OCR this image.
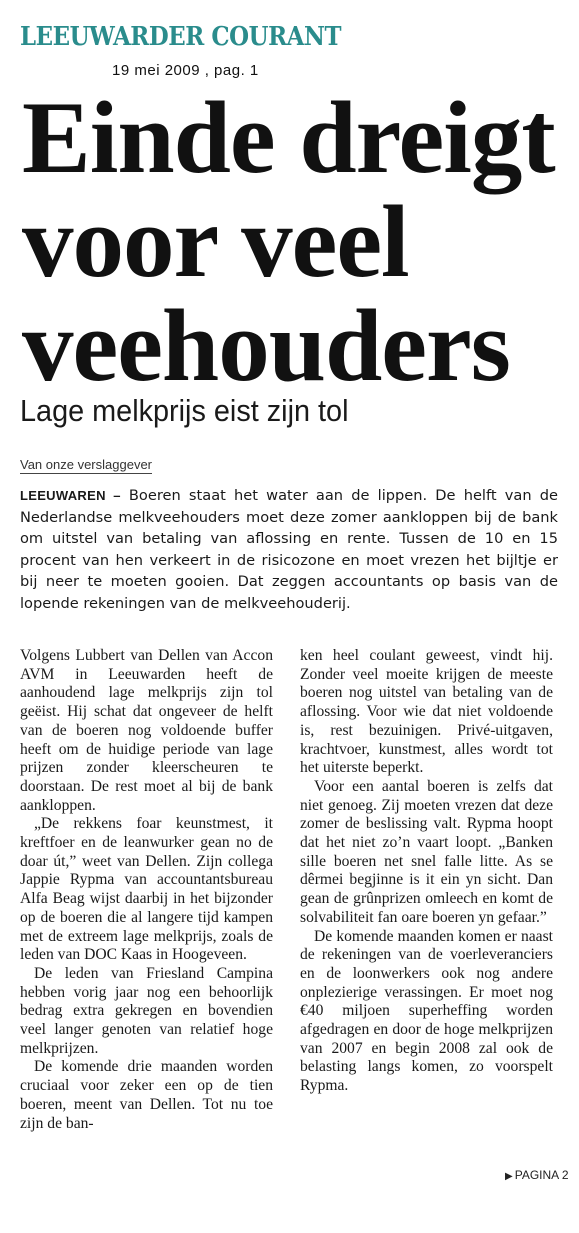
LEEUWARDER COURANT
19 mei 2009 , pag. 1
Einde dreigt
voor veel
veehouders
Lage melkprijs eist zijn tol
Van onze verslaggever

LEEUWAREN – Boeren staat het water aan de lippen. De helft van de Nederlandse melkveehouders moet deze zomer aankloppen bij de bank om uitstel van betaling van aflossing en rente. Tussen de 10 en 15 procent van hen verkeert in de risicozone en moet vrezen het bijltje er bij neer te moeten gooien. Dat zeggen accountants op basis van de lopende rekeningen van de melkveehouderij.

Volgens Lubbert van Dellen van Accon AVM in Leeuwarden heeft de aanhoudend lage melkprijs zijn tol geëist. Hij schat dat ongeveer de helft van de boeren nog voldoende buffer heeft om de huidige periode van lage prijzen zonder kleerscheuren te doorstaan. De rest moet al bij de bank aankloppen.

„De rekkens foar keunstmest, it kreftfoer en de leanwurker gean no de doar út,” weet van Dellen. Zijn collega Jappie Rypma van accountantsbureau Alfa Beag wijst daarbij in het bijzonder op de boeren die al langere tijd kampen met de extreem lage melkprijs, zoals de leden van DOC Kaas in Hoogeveen.

De leden van Friesland Campina hebben vorig jaar nog een behoorlijk bedrag extra gekregen en bovendien veel langer genoten van relatief hoge melkprijzen.

De komende drie maanden worden cruciaal voor zeker een op de tien boeren, meent van Dellen. Tot nu toe zijn de ban-

ken heel coulant geweest, vindt hij. Zonder veel moeite krijgen de meeste boeren nog uitstel van betaling van de aflossing. Voor wie dat niet voldoende is, rest bezuinigen. Privé-uitgaven, krachtvoer, kunstmest, alles wordt tot het uiterste beperkt.

Voor een aantal boeren is zelfs dat niet genoeg. Zij moeten vrezen dat deze zomer de beslissing valt. Rypma hoopt dat het niet zo’n vaart loopt. „Banken sille boeren net snel falle litte. As se dêrmei begjinne is it ein yn sicht. Dan gean de grûnprizen omleech en komt de solvabiliteit fan oare boeren yn gefaar.”

De komende maanden komen er naast de rekeningen van de voerleveranciers en de loonwerkers ook nog andere onplezierige verassingen. Er moet nog €40 miljoen superheffing worden afgedragen en door de hoge melkprijzen van 2007 en begin 2008 zal ook de belasting langs komen, zo voorspelt Rypma.

▶ PAGINA 2
